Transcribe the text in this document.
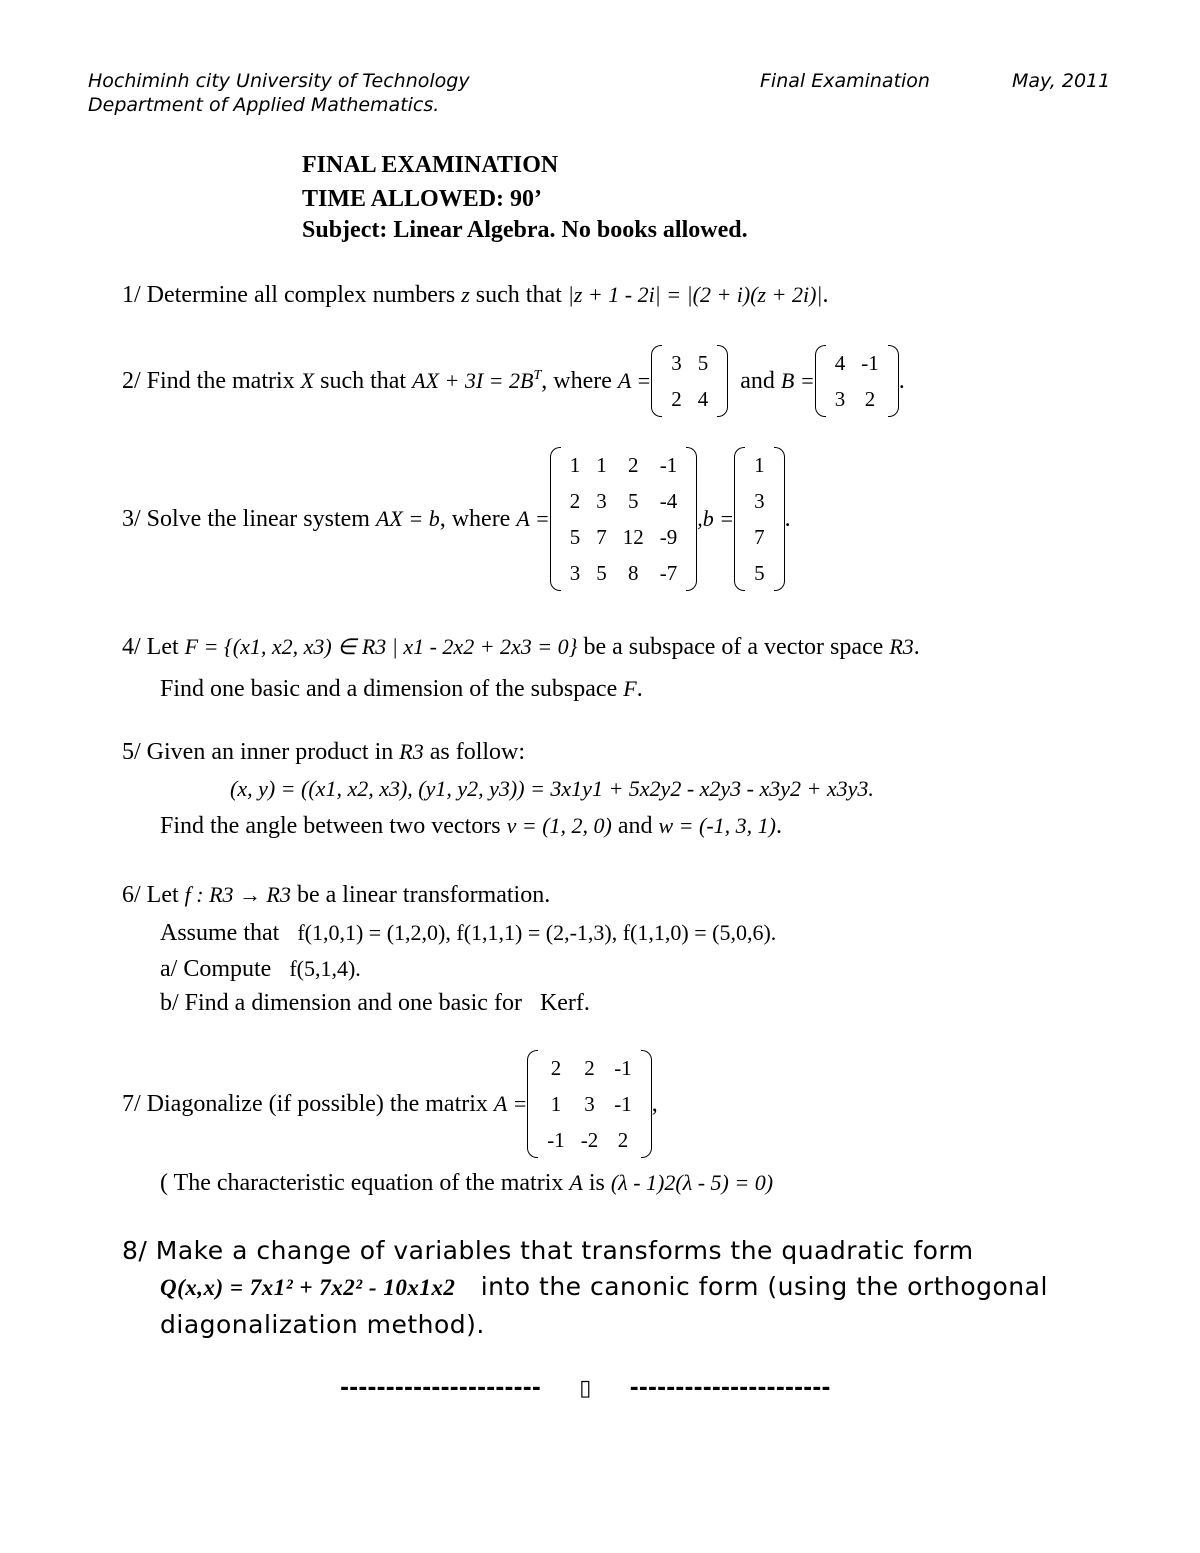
Hochiminh city University of Technology
Department of Applied Mathematics.
Final Examination	May, 2011
FINAL EXAMINATION
TIME ALLOWED: 90’
Subject: Linear Algebra. No books allowed.
1/ Determine all complex numbers z such that |z + 1 - 2i| = |(2 + i)(z + 2i)|.
2/ Find the matrix
X
such that
AX + $3I = 2B^T$ , where
A =
3	5
2	4

and
B =
4	-1
3	2
.
3/ Solve the linear system
AX = b , where
A =
1	1	2	-1
2	3	5	-4
5	7	12	-9
3	5	8	-7
,b =
1
3
7
5
.
4/ Let F = {(x1, x2, x3) ∈ R3 | x1 - 2x2 + 2x3 = 0} be a subspace of a vector space R3.
Find one basic and a dimension of the subspace F.
5/ Given an inner product in R3 as follow:
(x, y) = ((x1, x2, x3), (y1, y2, y3)) = 3x1y1 + 5x2y2 - x2y3 - x3y2 + x3y3.
Find the angle between two vectors v = (1, 2, 0) and w = (-1, 3, 1).
6/ Let f : R3 → R3 be a linear transformation.
Assume that f(1,0,1) = (1,2,0), f(1,1,1) = (2,-1,3), f(1,1,0) = (5,0,6).
a/ Compute f(5,1,4).
b/ Find a dimension and one basic for Kerf.
7/ Diagonalize (if possible) the matrix
A =
2	2	-1
1	3	-1
-1	-2	2
,
( The characteristic equation of the matrix A is (λ - 1)2(λ - 5) = 0)
8/ Make a change of variables that transforms the quadratic form
Q(x,x) = 7x1² + 7x2² - 10x1x2 into the canonic form (using the orthogonal
diagonalization method).
---------------------- ▯ ----------------------
